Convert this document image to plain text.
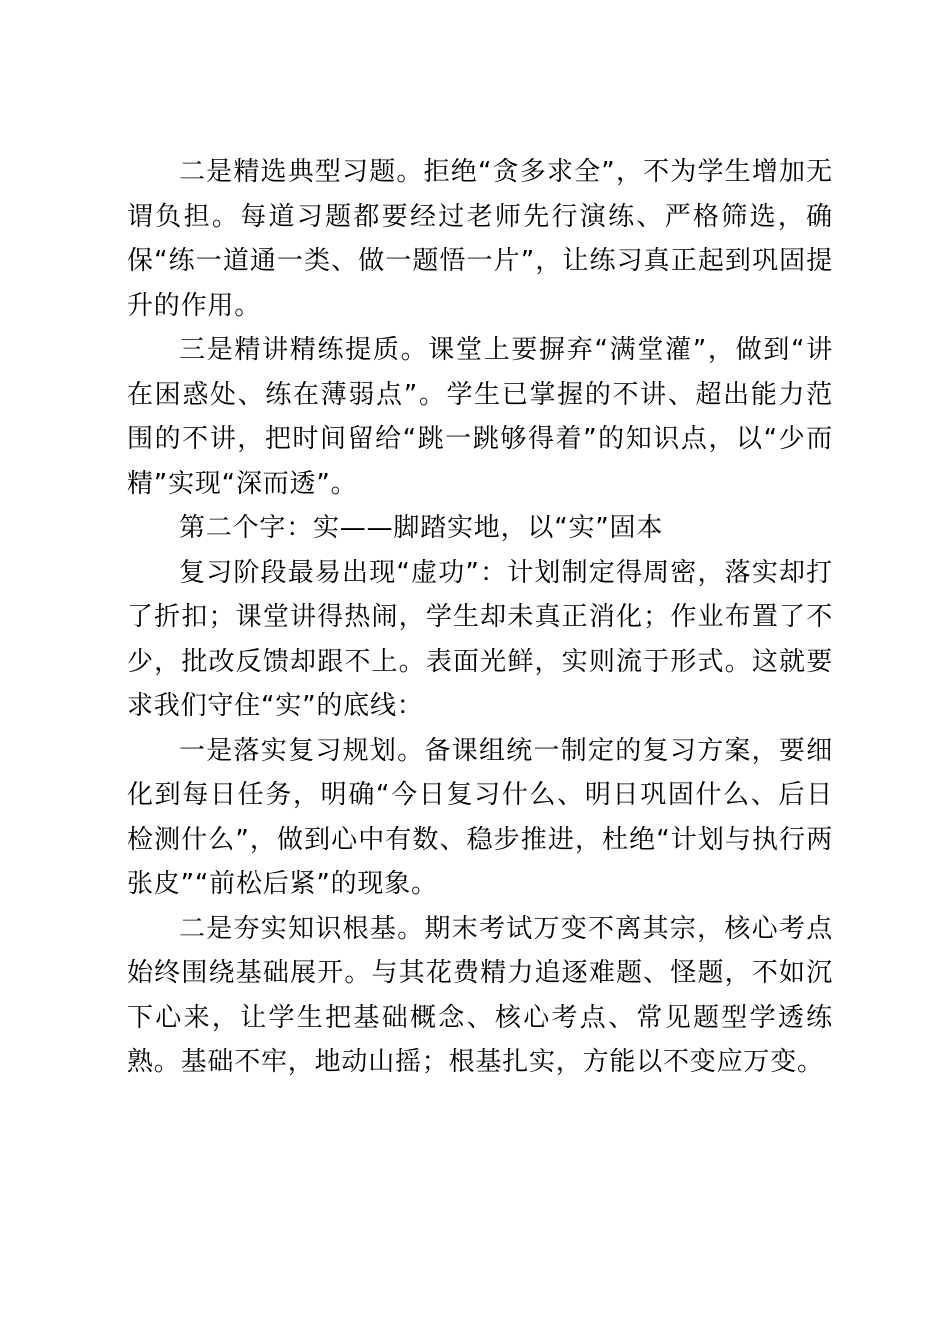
二是精选典型习题。拒绝“贪多求全”，不为学生增加无谓负担。每道习题都要经过老师先行演练、严格筛选，确保“练一道通一类、做一题悟一片”，让练习真正起到巩固提升的作用。

三是精讲精练提质。课堂上要摒弃“满堂灌”，做到“讲在困惑处、练在薄弱点”。学生已掌握的不讲、超出能力范围的不讲，把时间留给“跳一跳够得着”的知识点，以“少而精”实现“深而透”。

第二个字：实——脚踏实地，以“实”固本

复习阶段最易出现“虚功”：计划制定得周密，落实却打了折扣；课堂讲得热闹，学生却未真正消化；作业布置了不少，批改反馈却跟不上。表面光鲜，实则流于形式。这就要求我们守住“实”的底线：

一是落实复习规划。备课组统一制定的复习方案，要细化到每日任务，明确“今日复习什么、明日巩固什么、后日检测什么”，做到心中有数、稳步推进，杜绝“计划与执行两张皮”“前松后紧”的现象。

二是夯实知识根基。期末考试万变不离其宗，核心考点始终围绕基础展开。与其花费精力追逐难题、怪题，不如沉下心来，让学生把基础概念、核心考点、常见题型学透练熟。基础不牢，地动山摇；根基扎实，方能以不变应万变。
